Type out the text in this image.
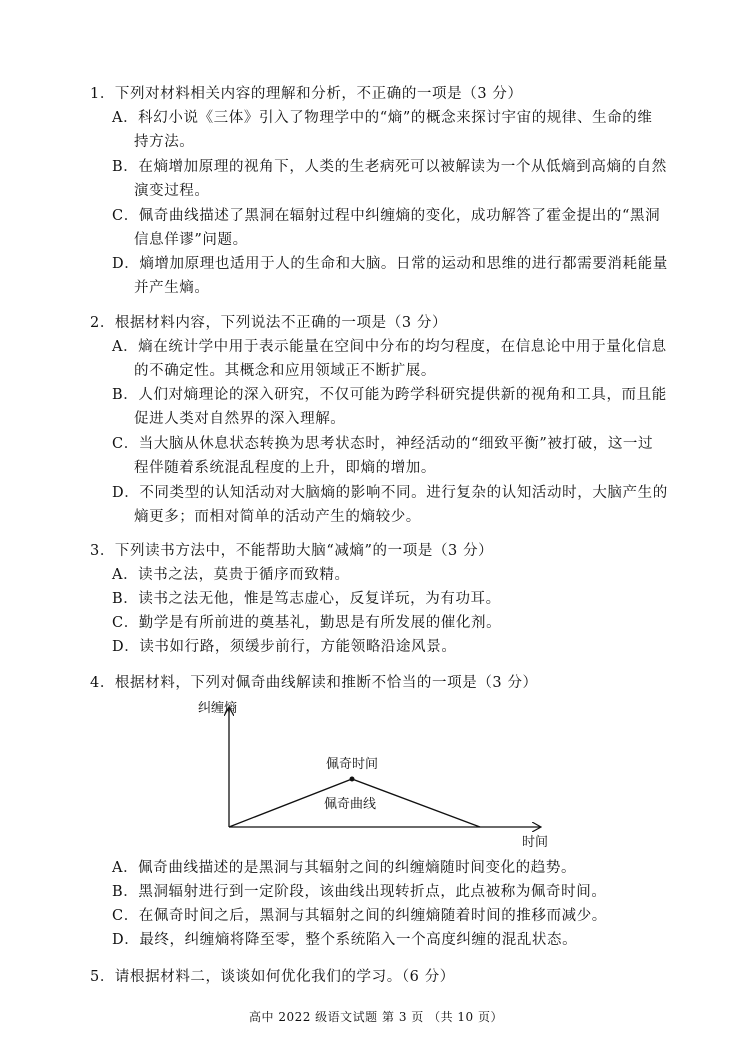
1．下列对材料相关内容的理解和分析，不正确的一项是（3 分）
A．科幻小说《三体》引入了物理学中的“熵”的概念来探讨宇宙的规律、生命的维
持方法。
B．在熵增加原理的视角下，人类的生老病死可以被解读为一个从低熵到高熵的自然
演变过程。
C．佩奇曲线描述了黑洞在辐射过程中纠缠熵的变化，成功解答了霍金提出的“黑洞
信息佯谬”问题。
D．熵增加原理也适用于人的生命和大脑。日常的运动和思维的进行都需要消耗能量
并产生熵。
2．根据材料内容，下列说法不正确的一项是（3 分）
A．熵在统计学中用于表示能量在空间中分布的均匀程度，在信息论中用于量化信息
的不确定性。其概念和应用领域正不断扩展。
B．人们对熵理论的深入研究，不仅可能为跨学科研究提供新的视角和工具，而且能
促进人类对自然界的深入理解。
C．当大脑从休息状态转换为思考状态时，神经活动的“细致平衡”被打破，这一过
程伴随着系统混乱程度的上升，即熵的增加。
D．不同类型的认知活动对大脑熵的影响不同。进行复杂的认知活动时，大脑产生的
熵更多；而相对简单的活动产生的熵较少。
3．下列读书方法中，不能帮助大脑“减熵”的一项是（3 分）
A．读书之法，莫贵于循序而致精。
B．读书之法无他，惟是笃志虚心，反复详玩，为有功耳。
C．勤学是有所前进的奠基礼，勤思是有所发展的催化剂。
D．读书如行路，须缓步前行，方能领略沿途风景。
4．根据材料，下列对佩奇曲线解读和推断不恰当的一项是（3 分）
纠缠熵
时间
佩奇时间
佩奇曲线
A．佩奇曲线描述的是黑洞与其辐射之间的纠缠熵随时间变化的趋势。
B．黑洞辐射进行到一定阶段，该曲线出现转折点，此点被称为佩奇时间。
C．在佩奇时间之后，黑洞与其辐射之间的纠缠熵随着时间的推移而减少。
D．最终，纠缠熵将降至零，整个系统陷入一个高度纠缠的混乱状态。
5．请根据材料二，谈谈如何优化我们的学习。（6 分）
高中 2022 级语文试题 第 3 页 （共 10 页）
